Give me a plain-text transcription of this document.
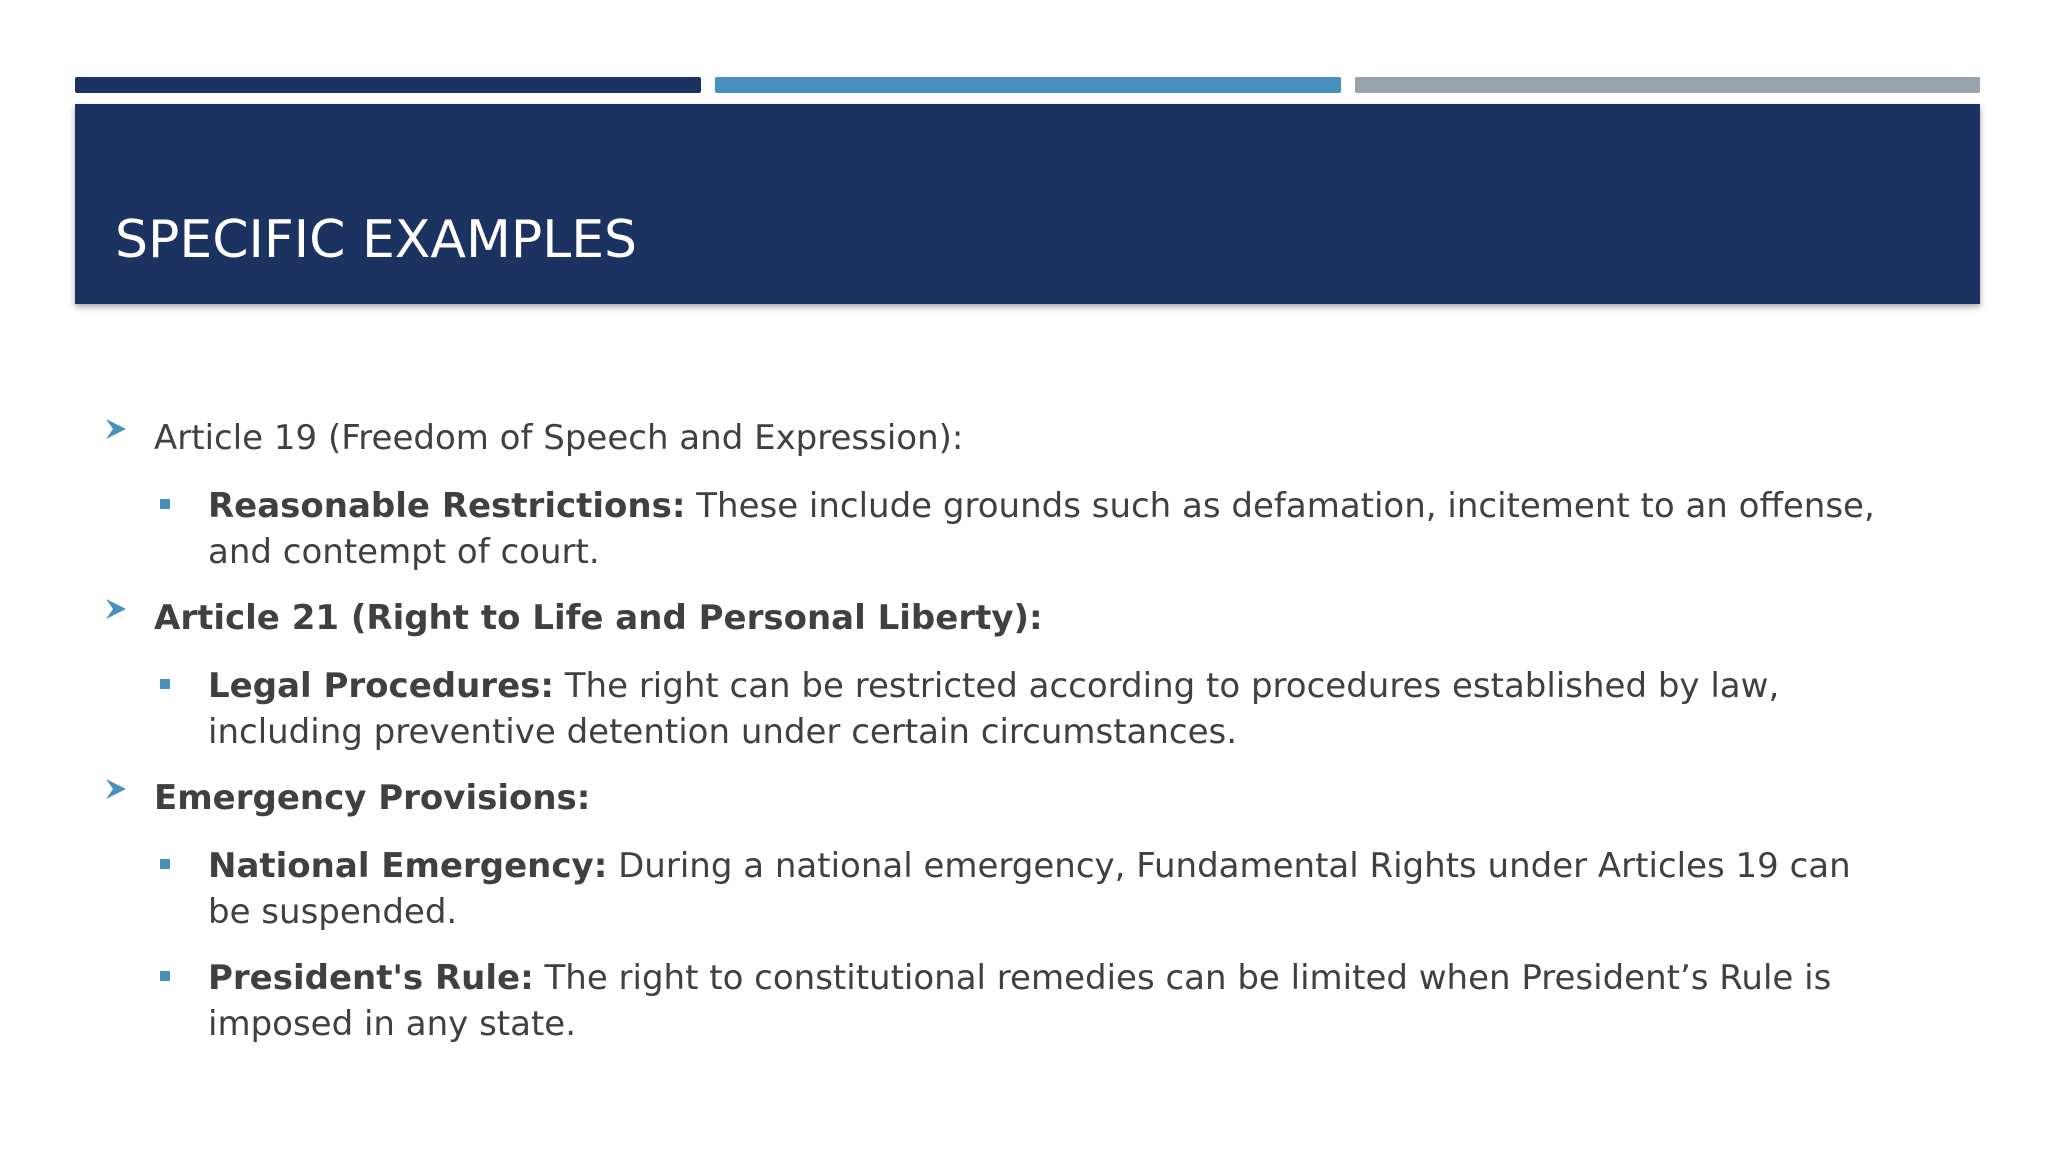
SPECIFIC EXAMPLES
Article 19 (Freedom of Speech and Expression):
Reasonable Restrictions: These include grounds such as defamation, incitement to an offense, and contempt of court.
Article 21 (Right to Life and Personal Liberty):
Legal Procedures: The right can be restricted according to procedures established by law, including preventive detention under certain circumstances.
Emergency Provisions:
National Emergency: During a national emergency, Fundamental Rights under Articles 19 can be suspended.
President's Rule: The right to constitutional remedies can be limited when President’s Rule is imposed in any state.
